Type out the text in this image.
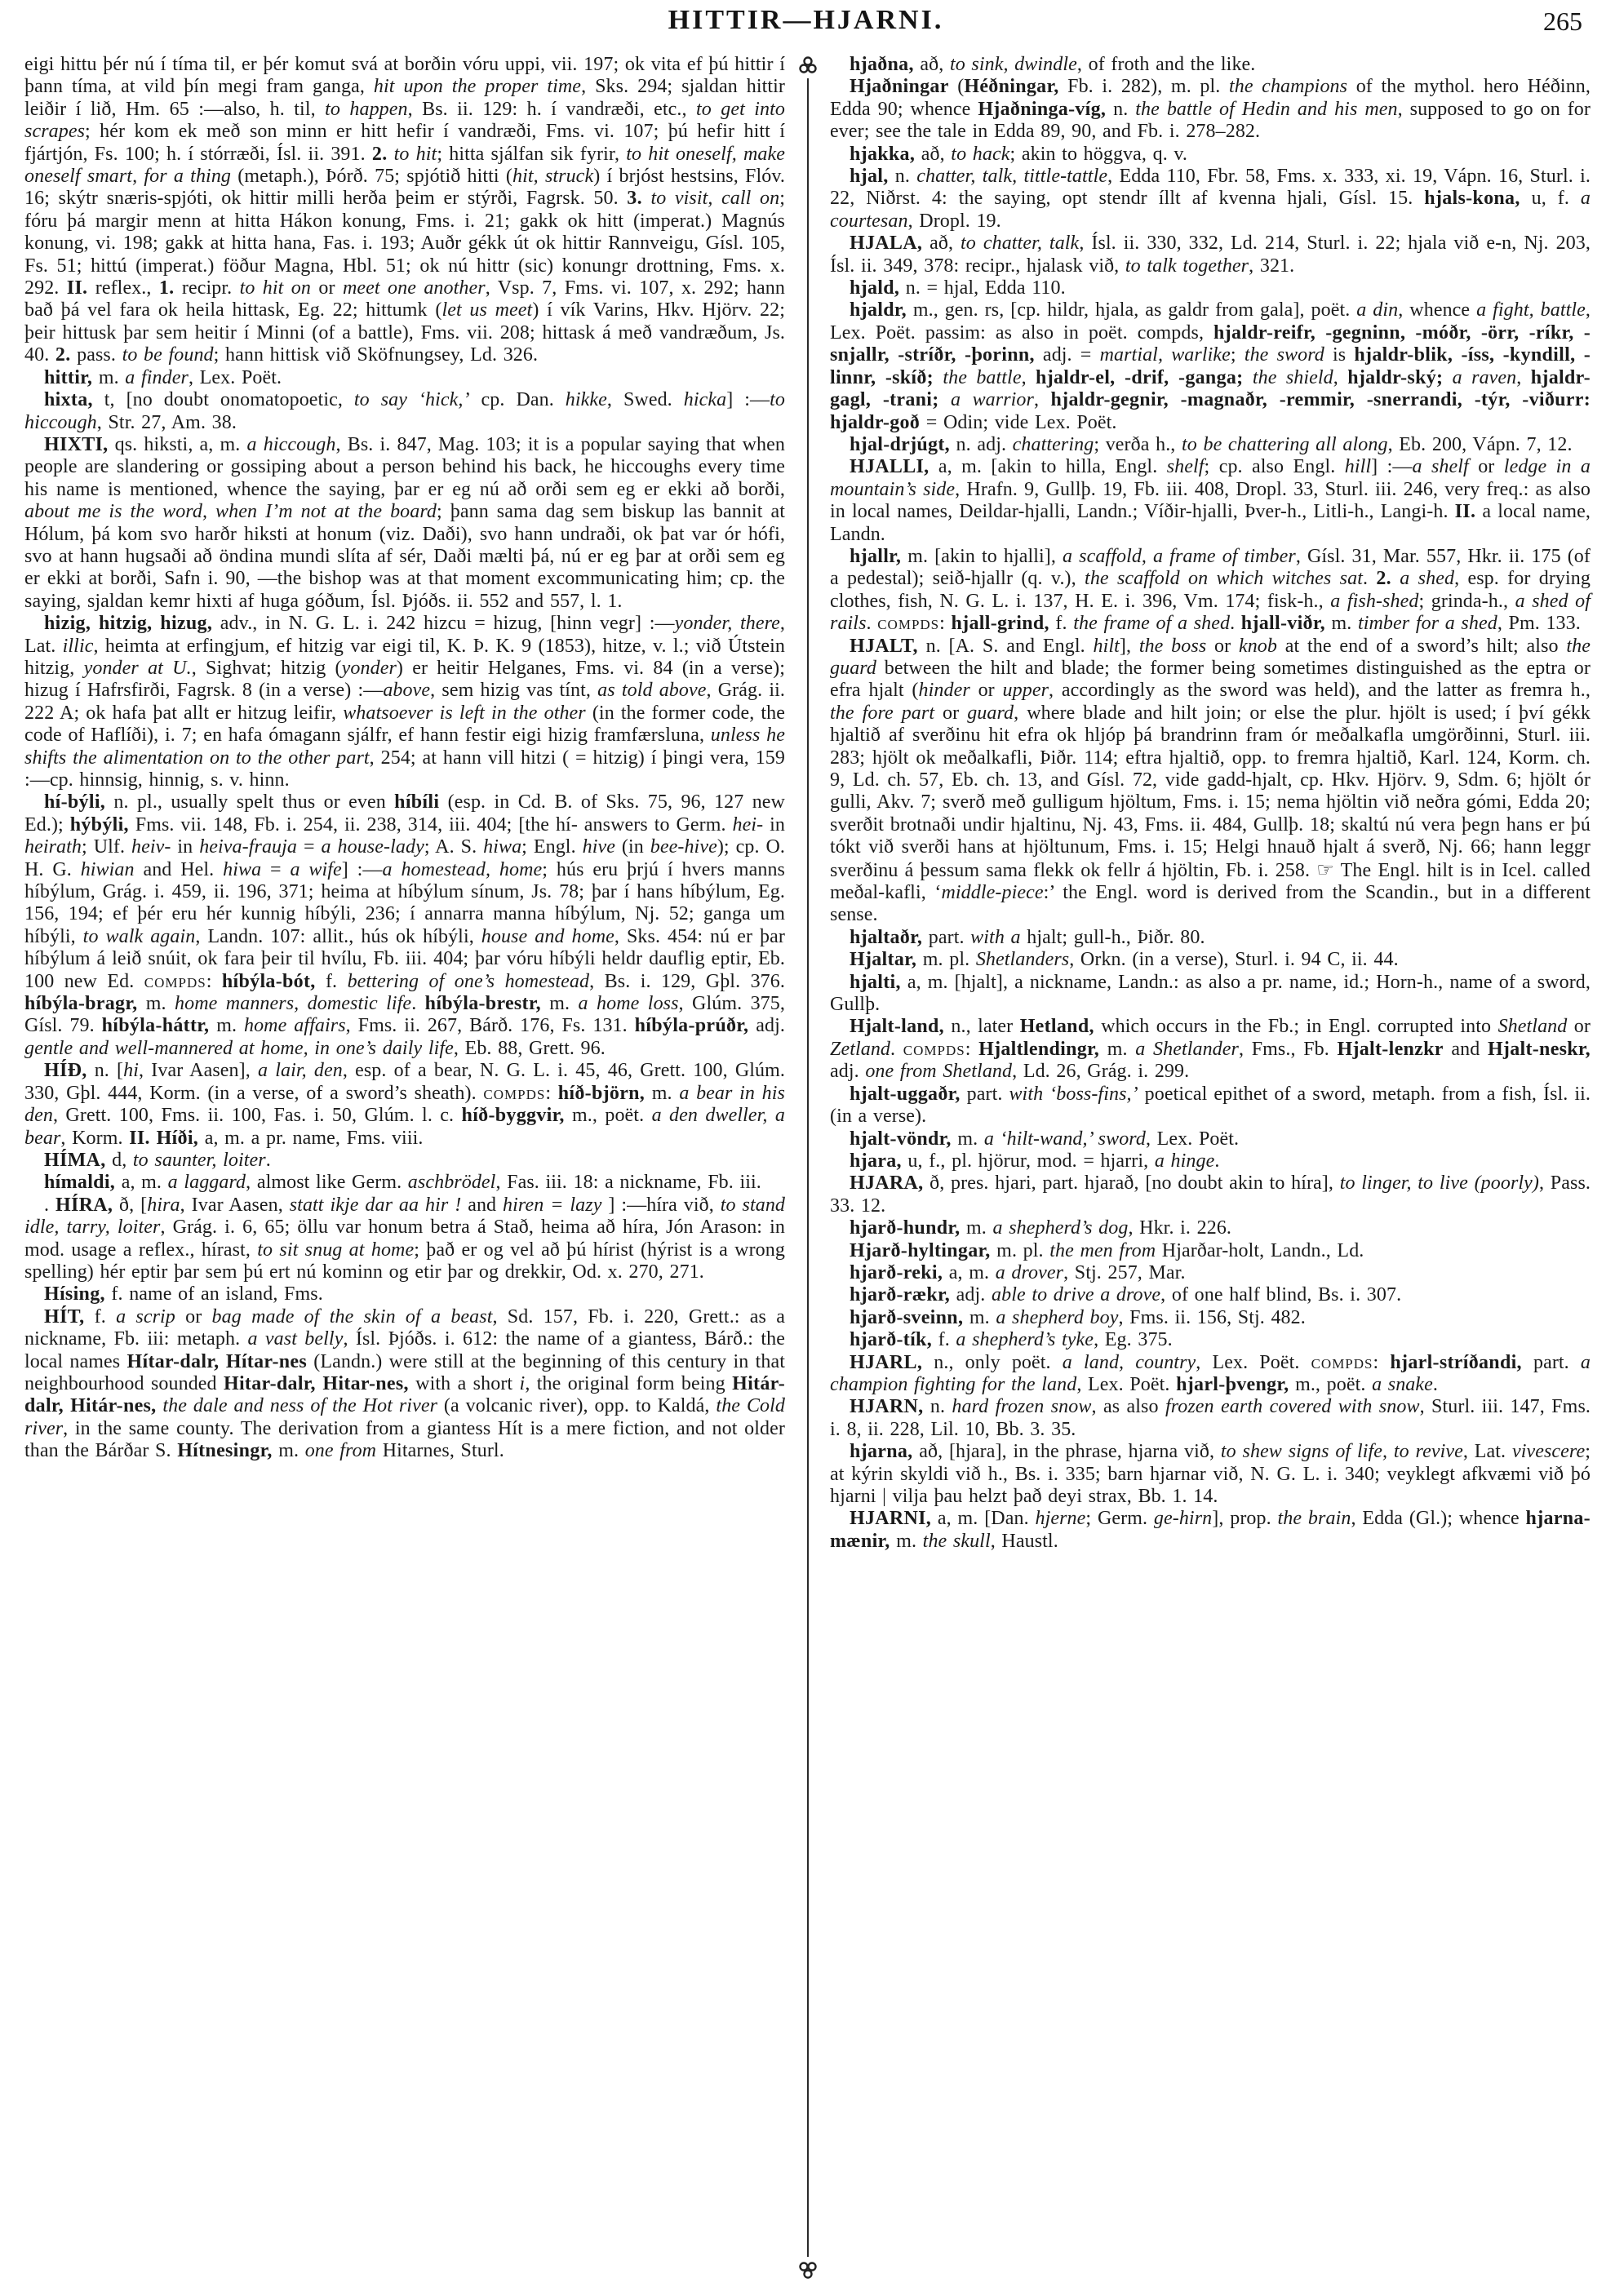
HITTIR—HJARNI.	265

eigi hittu þér nú í tíma til, er þér komut svá at borðin vóru uppi, vii. 197; ok vita ef þú hittir í þann tíma, at vild þín megi fram ganga, hit upon the proper time, Sks. 294; sjaldan hittir leiðir í lið, Hm. 65 :—also, h. til, to happen, Bs. ii. 129: h. í vandræði, etc., to get into scrapes; hér kom ek með son minn er hitt hefir í vandræði, Fms. vi. 107; þú hefir hitt í fjártjón, Fs. 100; h. í stórræði, Ísl. ii. 391. 2. to hit; hitta sjálfan sik fyrir, to hit oneself, make oneself smart, for a thing (metaph.), Þórð. 75; spjótið hitti (hit, struck) í brjóst hestsins, Flóv. 16; skýtr snæris-spjóti, ok hittir milli herða þeim er stýrði, Fagrsk. 50. 3. to visit, call on; fóru þá margir menn at hitta Hákon konung, Fms. i. 21; gakk ok hitt (imperat.) Magnús konung, vi. 198; gakk at hitta hana, Fas. i. 193; Auðr gékk út ok hittir Rannveigu, Gísl. 105, Fs. 51; hittú (imperat.) föður Magna, Hbl. 51; ok nú hittr (sic) konungr drottning, Fms. x. 292. II. reflex., 1. recipr. to hit on or meet one another, Vsp. 7, Fms. vi. 107, x. 292; hann bað þá vel fara ok heila hittask, Eg. 22; hittumk (let us meet) í vík Varins, Hkv. Hjörv. 22; þeir hittusk þar sem heitir í Minni (of a battle), Fms. vii. 208; hittask á með vandræðum, Js. 40. 2. pass. to be found; hann hittisk við Sköfnungsey, Ld. 326.

hittir, m. a finder, Lex. Poët.

hixta, t, [no doubt onomatopoetic, to say ‘hick,’ cp. Dan. hikke, Swed. hicka] :—to hiccough, Str. 27, Am. 38.

HIXTI, qs. hiksti, a, m. a hiccough, Bs. i. 847, Mag. 103; it is a popular saying that when people are slandering or gossiping about a person behind his back, he hiccoughs every time his name is mentioned, whence the saying, þar er eg nú að orði sem eg er ekki að borði, about me is the word, when I’m not at the board; þann sama dag sem biskup las bannit at Hólum, þá kom svo harðr hiksti at honum (viz. Daði), svo hann undraði, ok þat var ór hófi, svo at hann hugsaði að öndina mundi slíta af sér, Daði mælti þá, nú er eg þar at orði sem eg er ekki at borði, Safn i. 90, —the bishop was at that moment excommunicating him; cp. the saying, sjaldan kemr hixti af huga góðum, Ísl. Þjóðs. ii. 552 and 557, l. 1.

hizig, hitzig, hizug, adv., in N. G. L. i. 242 hizcu = hizug, [hinn vegr] :—yonder, there, Lat. illic, heimta at erfingjum, ef hitzig var eigi til, K. Þ. K. 9 (1853), hitze, v. l.; við Útstein hitzig, yonder at U., Sighvat; hitzig (yonder) er heitir Helganes, Fms. vi. 84 (in a verse); hizug í Hafrsfirði, Fagrsk. 8 (in a verse) :—above, sem hizig vas tínt, as told above, Grág. ii. 222 A; ok hafa þat allt er hitzug leifir, whatsoever is left in the other (in the former code, the code of Haflíði), i. 7; en hafa ómagann sjálfr, ef hann festir eigi hizig framfærsluna, unless he shifts the alimentation on to the other part, 254; at hann vill hitzi ( = hitzig) í þingi vera, 159 :—cp. hinnsig, hinnig, s. v. hinn.

hí-býli, n. pl., usually spelt thus or even híbíli (esp. in Cd. B. of Sks. 75, 96, 127 new Ed.); hýbýli, Fms. vii. 148, Fb. i. 254, ii. 238, 314, iii. 404; [the hí- answers to Germ. hei- in heirath; Ulf. heiv- in heiva-frauja = a house-lady; A. S. hiwa; Engl. hive (in bee-hive); cp. O. H. G. hiwian and Hel. hiwa = a wife] :—a homestead, home; hús eru þrjú í hvers manns híbýlum, Grág. i. 459, ii. 196, 371; heima at híbýlum sínum, Js. 78; þar í hans híbýlum, Eg. 156, 194; ef þér eru hér kunnig híbýli, 236; í annarra manna híbýlum, Nj. 52; ganga um híbýli, to walk again, Landn. 107: allit., hús ok híbýli, house and home, Sks. 454: nú er þar híbýlum á leið snúit, ok fara þeir til hvílu, Fb. iii. 404; þar vóru híbýli heldr dauflig eptir, Eb. 100 new Ed. compds: híbýla-bót, f. bettering of one’s homestead, Bs. i. 129, Gþl. 376. híbýla-bragr, m. home manners, domestic life. híbýla-brestr, m. a home loss, Glúm. 375, Gísl. 79. híbýla-háttr, m. home affairs, Fms. ii. 267, Bárð. 176, Fs. 131. híbýla-prúðr, adj. gentle and well-mannered at home, in one’s daily life, Eb. 88, Grett. 96.

HÍÐ, n. [hi, Ivar Aasen], a lair, den, esp. of a bear, N. G. L. i. 45, 46, Grett. 100, Glúm. 330, Gþl. 444, Korm. (in a verse, of a sword’s sheath). compds: híð-björn, m. a bear in his den, Grett. 100, Fms. ii. 100, Fas. i. 50, Glúm. l. c. híð-byggvir, m., poët. a den dweller, a bear, Korm. II. Híði, a, m. a pr. name, Fms. viii.

HÍMA, d, to saunter, loiter.

hímaldi, a, m. a laggard, almost like Germ. aschbrödel, Fas. iii. 18: a nickname, Fb. iii.

. HÍRA, ð, [hira, Ivar Aasen, statt ikje dar aa hir ! and hiren = lazy ] :—híra við, to stand idle, tarry, loiter, Grág. i. 6, 65; öllu var honum betra á Stað, heima að híra, Jón Arason: in mod. usage a reflex., hírast, to sit snug at home; það er og vel að þú hírist (hýrist is a wrong spelling) hér eptir þar sem þú ert nú kominn og etir þar og drekkir, Od. x. 270, 271.

Hísing, f. name of an island, Fms.

HÍT, f. a scrip or bag made of the skin of a beast, Sd. 157, Fb. i. 220, Grett.: as a nickname, Fb. iii: metaph. a vast belly, Ísl. Þjóðs. i. 612: the name of a giantess, Bárð.: the local names Hítar-dalr, Hítar-nes (Landn.) were still at the beginning of this century in that neighbourhood sounded Hitar-dalr, Hitar-nes, with a short i, the original form being Hitár-dalr, Hitár-nes, the dale and ness of the Hot river (a volcanic river), opp. to Kaldá, the Cold river, in the same county. The derivation from a giantess Hít is a mere fiction, and not older than the Bárðar S. Hítnesingr, m. one from Hitarnes, Sturl.

hjaðna, að, to sink, dwindle, of froth and the like.

Hjaðningar (Héðningar, Fb. i. 282), m. pl. the champions of the mythol. hero Héðinn, Edda 90; whence Hjaðninga-víg, n. the battle of Hedin and his men, supposed to go on for ever; see the tale in Edda 89, 90, and Fb. i. 278–282.

hjakka, að, to hack; akin to höggva, q. v.

hjal, n. chatter, talk, tittle-tattle, Edda 110, Fbr. 58, Fms. x. 333, xi. 19, Vápn. 16, Sturl. i. 22, Niðrst. 4: the saying, opt stendr íllt af kvenna hjali, Gísl. 15. hjals-kona, u, f. a courtesan, Dropl. 19.

HJALA, að, to chatter, talk, Ísl. ii. 330, 332, Ld. 214, Sturl. i. 22; hjala við e-n, Nj. 203, Ísl. ii. 349, 378: recipr., hjalask við, to talk together, 321.

hjald, n. = hjal, Edda 110.

hjaldr, m., gen. rs, [cp. hildr, hjala, as galdr from gala], poët. a din, whence a fight, battle, Lex. Poët. passim: as also in poët. compds, hjaldr-reifr, -gegninn, -móðr, -örr, -ríkr, -snjallr, -stríðr, -þorinn, adj. = martial, warlike; the sword is hjaldr-blik, -íss, -kyndill, -linnr, -skíð; the battle, hjaldr-el, -drif, -ganga; the shield, hjaldr-ský; a raven, hjaldr-gagl, -trani; a warrior, hjaldr-gegnir, -magnaðr, -remmir, -snerrandi, -týr, -viðurr: hjaldr-goð = Odin; vide Lex. Poët.

hjal-drjúgt, n. adj. chattering; verða h., to be chattering all along, Eb. 200, Vápn. 7, 12.

HJALLI, a, m. [akin to hilla, Engl. shelf; cp. also Engl. hill] :—a shelf or ledge in a mountain’s side, Hrafn. 9, Gullþ. 19, Fb. iii. 408, Dropl. 33, Sturl. iii. 246, very freq.: as also in local names, Deildar-hjalli, Landn.; Víðir-hjalli, Þver-h., Litli-h., Langi-h. II. a local name, Landn.

hjallr, m. [akin to hjalli], a scaffold, a frame of timber, Gísl. 31, Mar. 557, Hkr. ii. 175 (of a pedestal); seið-hjallr (q. v.), the scaffold on which witches sat. 2. a shed, esp. for drying clothes, fish, N. G. L. i. 137, H. E. i. 396, Vm. 174; fisk-h., a fish-shed; grinda-h., a shed of rails. compds: hjall-grind, f. the frame of a shed. hjall-viðr, m. timber for a shed, Pm. 133.

HJALT, n. [A. S. and Engl. hilt], the boss or knob at the end of a sword’s hilt; also the guard between the hilt and blade; the former being sometimes distinguished as the eptra or efra hjalt (hinder or upper, accordingly as the sword was held), and the latter as fremra h., the fore part or guard, where blade and hilt join; or else the plur. hjölt is used; í því gékk hjaltið af sverðinu hit efra ok hljóp þá brandrinn fram ór meðalkafla umgörðinni, Sturl. iii. 283; hjölt ok meðalkafli, Þiðr. 114; eftra hjaltið, opp. to fremra hjaltið, Karl. 124, Korm. ch. 9, Ld. ch. 57, Eb. ch. 13, and Gísl. 72, vide gadd-hjalt, cp. Hkv. Hjörv. 9, Sdm. 6; hjölt ór gulli, Akv. 7; sverð með gulligum hjöltum, Fms. i. 15; nema hjöltin við neðra gómi, Edda 20; sverðit brotnaði undir hjaltinu, Nj. 43, Fms. ii. 484, Gullþ. 18; skaltú nú vera þegn hans er þú tókt við sverði hans at hjöltunum, Fms. i. 15; Helgi hnauð hjalt á sverð, Nj. 66; hann leggr sverðinu á þessum sama flekk ok fellr á hjöltin, Fb. i. 258. ☞ The Engl. hilt is in Icel. called meðal-kafli, ‘middle-piece:’ the Engl. word is derived from the Scandin., but in a different sense.

hjaltaðr, part. with a hjalt; gull-h., Þiðr. 80.

Hjaltar, m. pl. Shetlanders, Orkn. (in a verse), Sturl. i. 94 C, ii. 44.

hjalti, a, m. [hjalt], a nickname, Landn.: as also a pr. name, id.; Horn-h., name of a sword, Gullþ.

Hjalt-land, n., later Hetland, which occurs in the Fb.; in Engl. corrupted into Shetland or Zetland. compds: Hjaltlendingr, m. a Shetlander, Fms., Fb. Hjalt-lenzkr and Hjalt-neskr, adj. one from Shetland, Ld. 26, Grág. i. 299.

hjalt-uggaðr, part. with ‘boss-fins,’ poetical epithet of a sword, metaph. from a fish, Ísl. ii. (in a verse).

hjalt-vöndr, m. a ‘hilt-wand,’ sword, Lex. Poët.

hjara, u, f., pl. hjörur, mod. = hjarri, a hinge.

HJARA, ð, pres. hjari, part. hjarað, [no doubt akin to híra], to linger, to live (poorly), Pass. 33. 12.

hjarð-hundr, m. a shepherd’s dog, Hkr. i. 226.

Hjarð-hyltingar, m. pl. the men from Hjarðar-holt, Landn., Ld.

hjarð-reki, a, m. a drover, Stj. 257, Mar.

hjarð-rækr, adj. able to drive a drove, of one half blind, Bs. i. 307.

hjarð-sveinn, m. a shepherd boy, Fms. ii. 156, Stj. 482.

hjarð-tík, f. a shepherd’s tyke, Eg. 375.

HJARL, n., only poët. a land, country, Lex. Poët. compds: hjarl-stríðandi, part. a champion fighting for the land, Lex. Poët. hjarl-þvengr, m., poët. a snake.

HJARN, n. hard frozen snow, as also frozen earth covered with snow, Sturl. iii. 147, Fms. i. 8, ii. 228, Lil. 10, Bb. 3. 35.

hjarna, að, [hjara], in the phrase, hjarna við, to shew signs of life, to revive, Lat. vivescere; at kýrin skyldi við h., Bs. i. 335; barn hjarnar við, N. G. L. i. 340; veyklegt afkvæmi við þó hjarni | vilja þau helzt það deyi strax, Bb. 1. 14.

HJARNI, a, m. [Dan. hjerne; Germ. ge-hirn], prop. the brain, Edda (Gl.); whence hjarna-mænir, m. the skull, Haustl.
